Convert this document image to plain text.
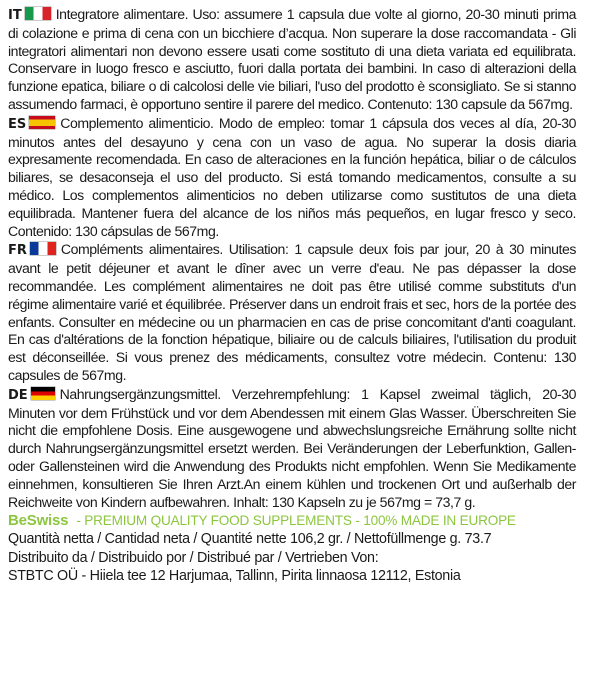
IT Integratore alimentare. Uso: assumere 1 capsula due volte al giorno, 20-30 minuti prima di colazione e prima di cena con un bicchiere d’acqua. Non superare la dose raccomandata - Gli integratori alimentari non devono essere usati come sostituto di una dieta variata ed equilibrata. Conservare in luogo fresco e asciutto, fuori dalla portata dei bambini. In caso di alterazioni della funzione epatica, biliare o di calcolosi delle vie biliari, l'uso del prodotto è sconsigliato. Se si stanno assumendo farmaci, è opportuno sentire il parere del medico. Contenuto: 130 capsule da 567mg.

ES Complemento alimenticio. Modo de empleo: tomar 1 cápsula dos veces al día, 20-30 minutos antes del desayuno y cena con un vaso de agua. No superar la dosis diaria expresamente recomendada. En caso de alteraciones en la función hepática, biliar o de cálculos biliares, se desaconseja el uso del producto. Si está tomando medicamentos, consulte a su médico. Los complementos alimenticios no deben utilizarse como sustitutos de una dieta equilibrada. Mantener fuera del alcance de los niños más pequeños, en lugar fresco y seco. Contenido: 130 cápsulas de 567mg.

FR Compléments alimentaires. Utilisation: 1 capsule deux fois par jour, 20 à 30 minutes avant le petit déjeuner et avant le dîner avec un verre d'eau. Ne pas dépasser la dose recommandée. Les complément alimentaires ne doit pas être utilisé comme substituts d'un régime alimentaire varié et équilibrée. Préserver dans un endroit frais et sec, hors de la portée des enfants. Consulter en médecine ou un pharmacien en cas de prise concomitant d'anti coagulant. En cas d'altérations de la fonction hépatique, biliaire ou de calculs biliaires, l'utilisation du produit est déconseillée. Si vous prenez des médicaments, consultez votre médecin. Contenu: 130 capsules de 567mg.

DE Nahrungsergänzungsmittel. Verzehrempfehlung: 1 Kapsel zweimal täglich, 20-30 Minuten vor dem Frühstück und vor dem Abendessen mit einem Glas Wasser. Überschreiten Sie nicht die empfohlene Dosis. Eine ausgewogene und abwechslungsreiche Ernährung sollte nicht durch Nahrungsergänzungsmittel ersetzt werden. Bei Veränderungen der Leberfunktion, Gallen- oder Gallensteinen wird die Anwendung des Produkts nicht empfohlen. Wenn Sie Medikamente einnehmen, konsultieren Sie Ihren Arzt.An einem kühlen und trockenen Ort und außerhalb der Reichweite von Kindern aufbewahren. Inhalt: 130 Kapseln zu je 567mg = 73,7 g.

BeSwiss - PREMIUM QUALITY FOOD SUPPLEMENTS - 100% MADE IN EUROPE
Quantità netta / Cantidad neta / Quantité nette 106,2 gr. / Nettofüllmenge g. 73.7
Distribuito da / Distribuido por / Distribué par / Vertrieben Von:
STBTC OÜ - Hiiela tee 12 Harjumaa, Tallinn, Pirita linnaosa 12112, Estonia
